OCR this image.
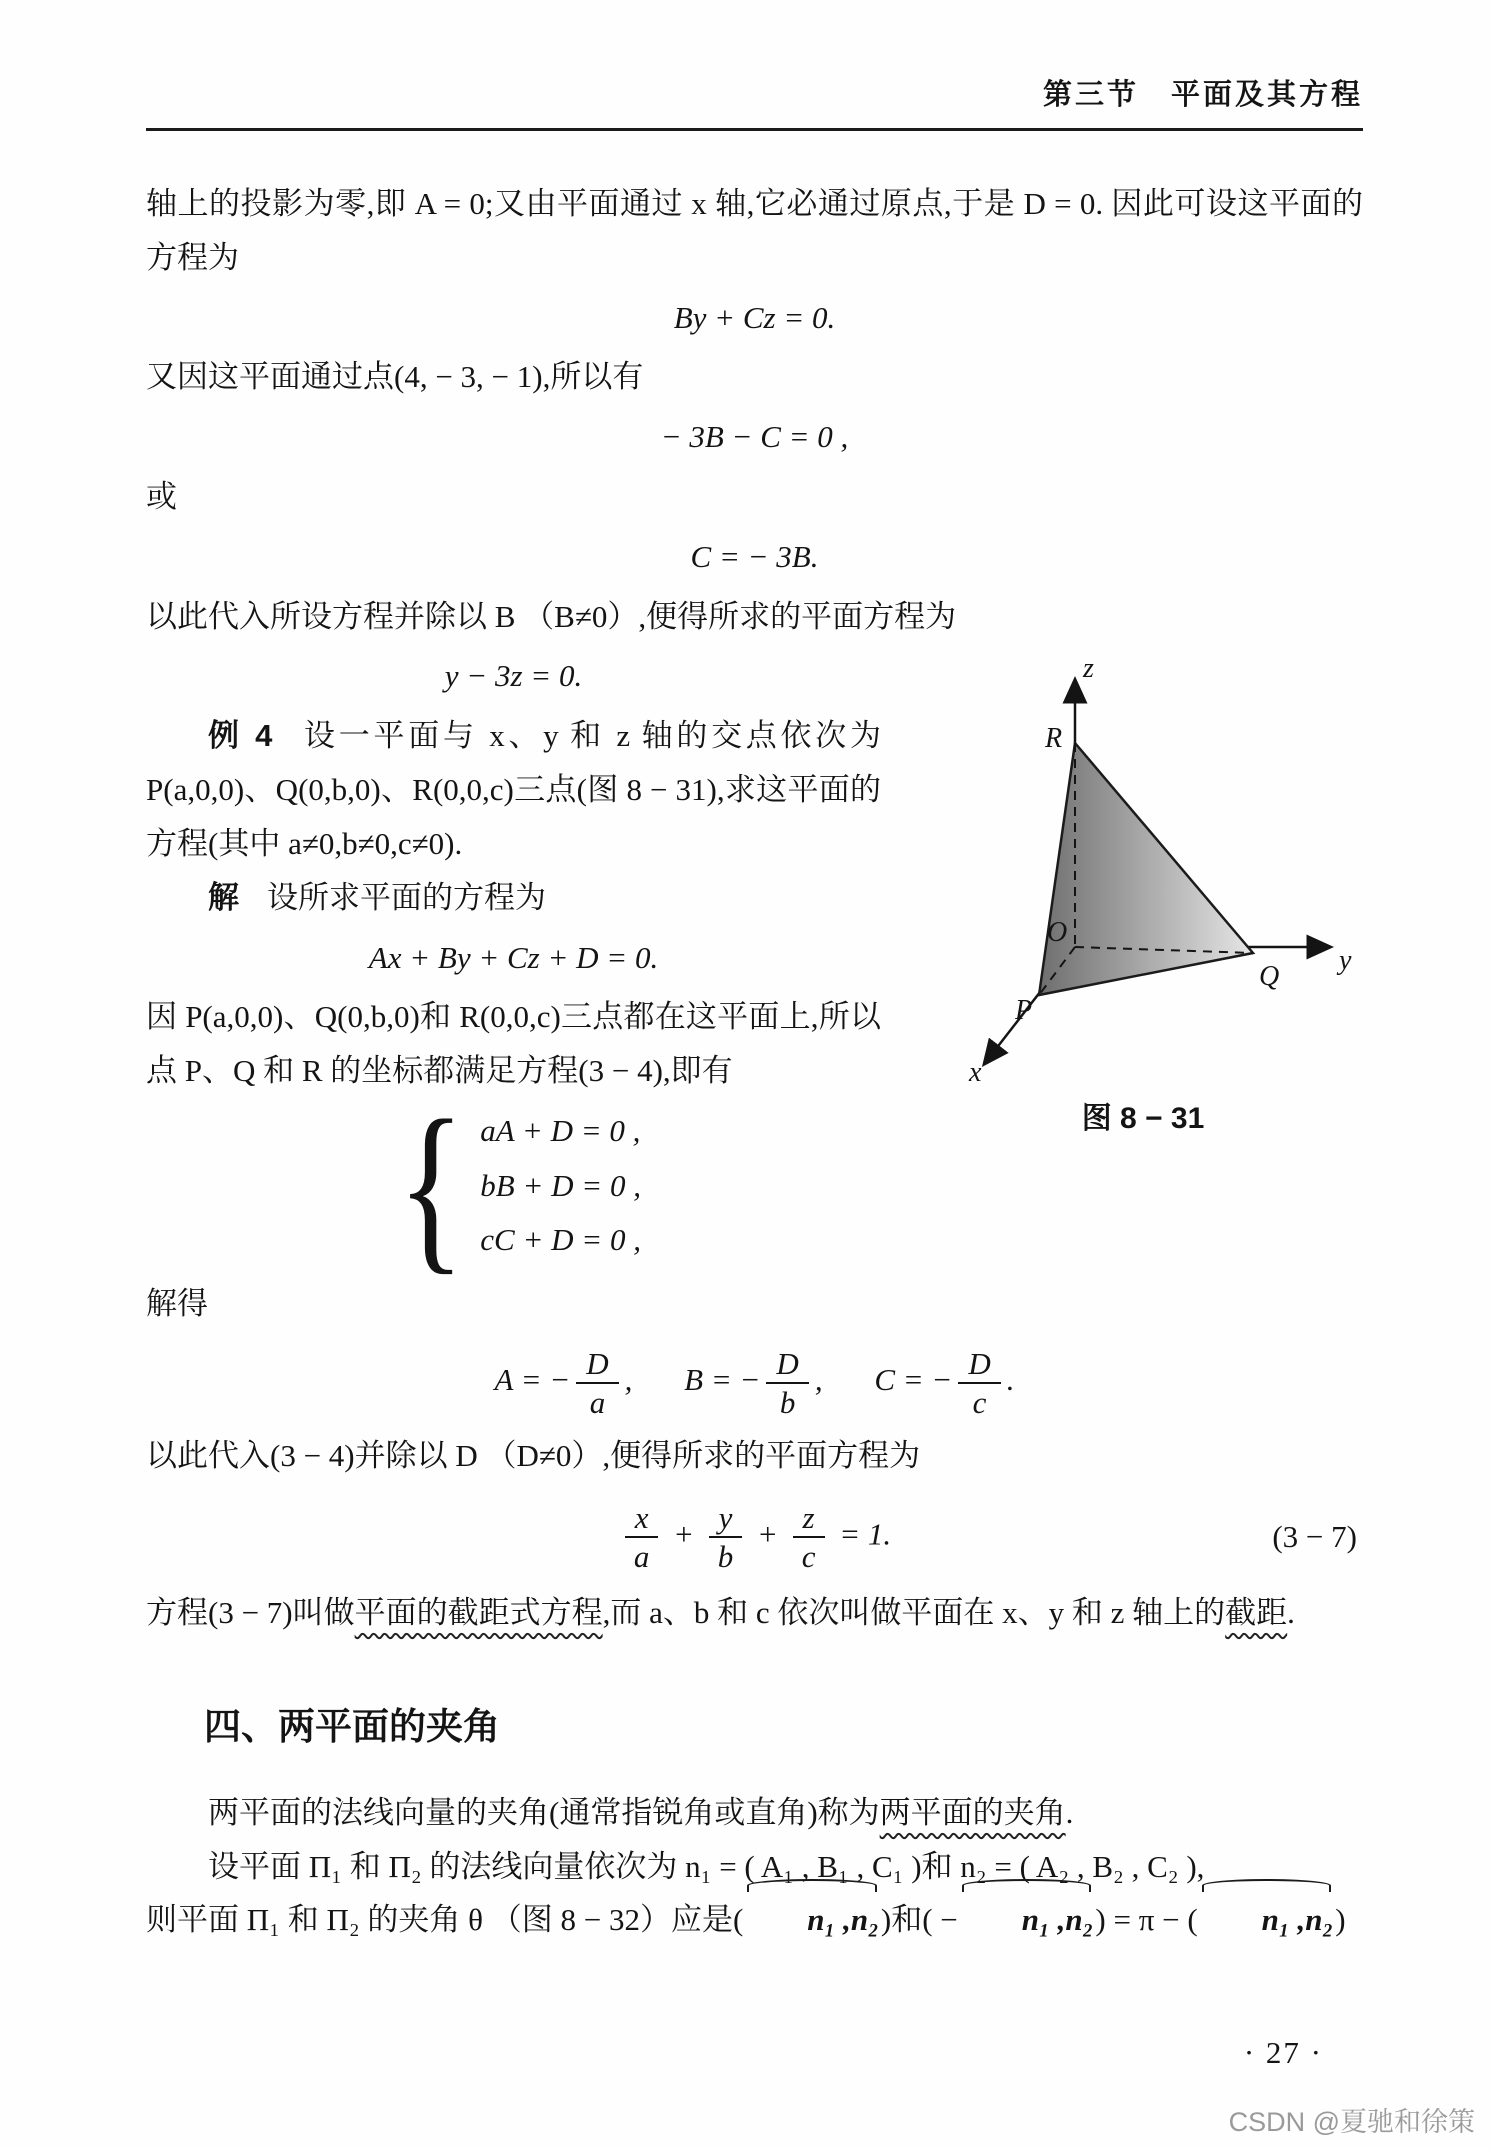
第三节　平面及其方程

轴上的投影为零,即 A = 0;又由平面通过 x 轴,它必通过原点,于是 D = 0. 因此可设这平面的方程为

By + Cz = 0.

又因这平面通过点(4, − 3, − 1),所以有

− 3B − C = 0 ,

或

C = − 3B.

以此代入所设方程并除以 B （B≠0）,便得所求的平面方程为

z
y
x
O
R
Q
P
图 8 − 31
y − 3z = 0.

例 4 设一平面与 x、y 和 z 轴的交点依次为 P(a,0,0)、Q(0,b,0)、R(0,0,c)三点(图 8 − 31),求这平面的方程(其中 a≠0,b≠0,c≠0).

解 设所求平面的方程为

Ax + By + Cz + D = 0.

因 P(a,0,0)、Q(0,b,0)和 R(0,0,c)三点都在这平面上,所以点 P、Q 和 R 的坐标都满足方程(3 − 4),即有

{ aA + D = 0 ,
bB + D = 0 ,
cC + D = 0 ,

解得

A = − $\frac{D}{a}$ , B = − $\frac{D}{b}$ , C = − $\frac{D}{c}$ .

以此代入(3 − 4)并除以 D （D≠0）,便得所求的平面方程为

$\frac{x}{a} + \frac{y}{b} + \frac{z}{c} = 1$.	(3 − 7)

方程(3 − 7)叫做平面的截距式方程,而 a、b 和 c 依次叫做平面在 x、y 和 z 轴上的截距.

四、两平面的夹角

两平面的法线向量的夹角(通常指锐角或直角)称为两平面的夹角.

设平面 Π₁ 和 Π₂ 的法线向量依次为 n₁ = ( A₁ , B₁ , C₁ )和 n₂ = ( A₂ , B₂ , C₂ ),
则平面 Π₁ 和 Π₂ 的夹角 θ （图 8 − 32）应是( n₁ ,n₂)和( − n₁ ,n₂) = π − ( n₁ ,n₂)

· 27 ·
CSDN @夏驰和徐策
